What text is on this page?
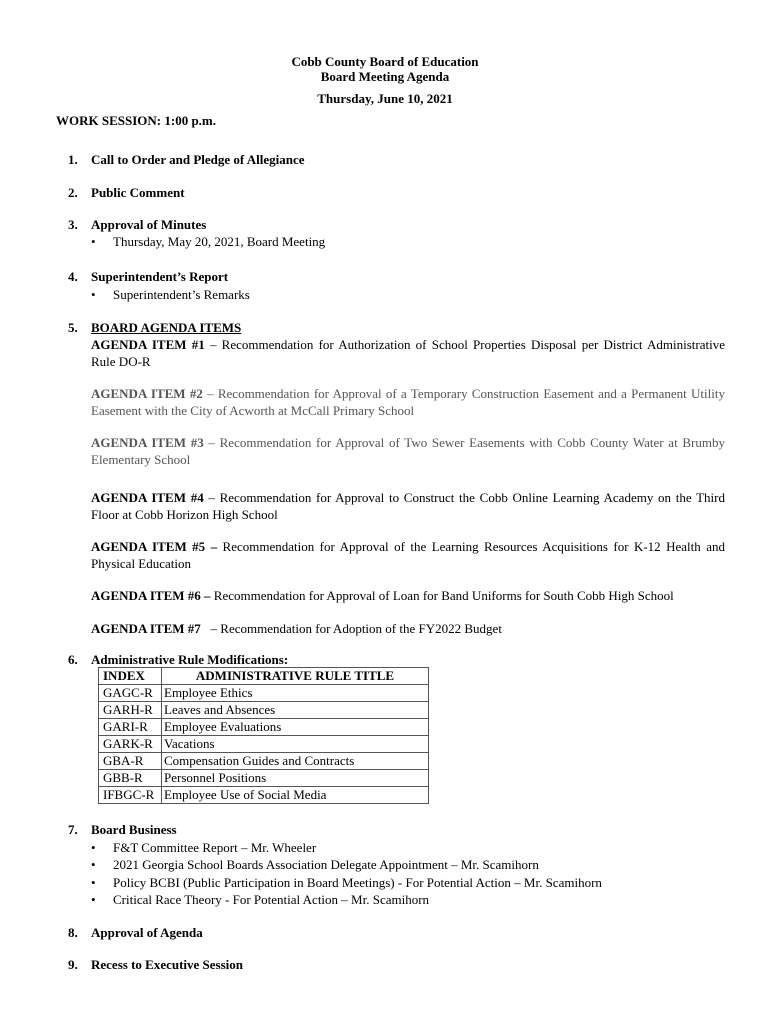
Cobb County Board of Education
Board Meeting Agenda
Thursday, June 10, 2021
WORK SESSION: 1:00 p.m.
1. Call to Order and Pledge of Allegiance
2. Public Comment
3. Approval of Minutes
• Thursday, May 20, 2021, Board Meeting
4. Superintendent’s Report
• Superintendent’s Remarks
5. BOARD AGENDA ITEMS
AGENDA ITEM #1 – Recommendation for Authorization of School Properties Disposal per District Administrative Rule DO-R
AGENDA ITEM #2 – Recommendation for Approval of a Temporary Construction Easement and a Permanent Utility Easement with the City of Acworth at McCall Primary School
AGENDA ITEM #3 – Recommendation for Approval of Two Sewer Easements with Cobb County Water at Brumby Elementary School
AGENDA ITEM #4 – Recommendation for Approval to Construct the Cobb Online Learning Academy on the Third Floor at Cobb Horizon High School
AGENDA ITEM #5 – Recommendation for Approval of the Learning Resources Acquisitions for K-12 Health and Physical Education
AGENDA ITEM #6 – Recommendation for Approval of Loan for Band Uniforms for South Cobb High School
AGENDA ITEM #7   – Recommendation for Adoption of the FY2022 Budget
6. Administrative Rule Modifications:
INDEX	ADMINISTRATIVE RULE TITLE
GAGC-R	Employee Ethics
GARH-R	Leaves and Absences
GARI-R	Employee Evaluations
GARK-R	Vacations
GBA-R	Compensation Guides and Contracts
GBB-R	Personnel Positions
IFBGC-R	Employee Use of Social Media
7. Board Business
• F&T Committee Report – Mr. Wheeler
• 2021 Georgia School Boards Association Delegate Appointment – Mr. Scamihorn
• Policy BCBI (Public Participation in Board Meetings) - For Potential Action – Mr. Scamihorn
• Critical Race Theory - For Potential Action – Mr. Scamihorn
8. Approval of Agenda
9. Recess to Executive Session
